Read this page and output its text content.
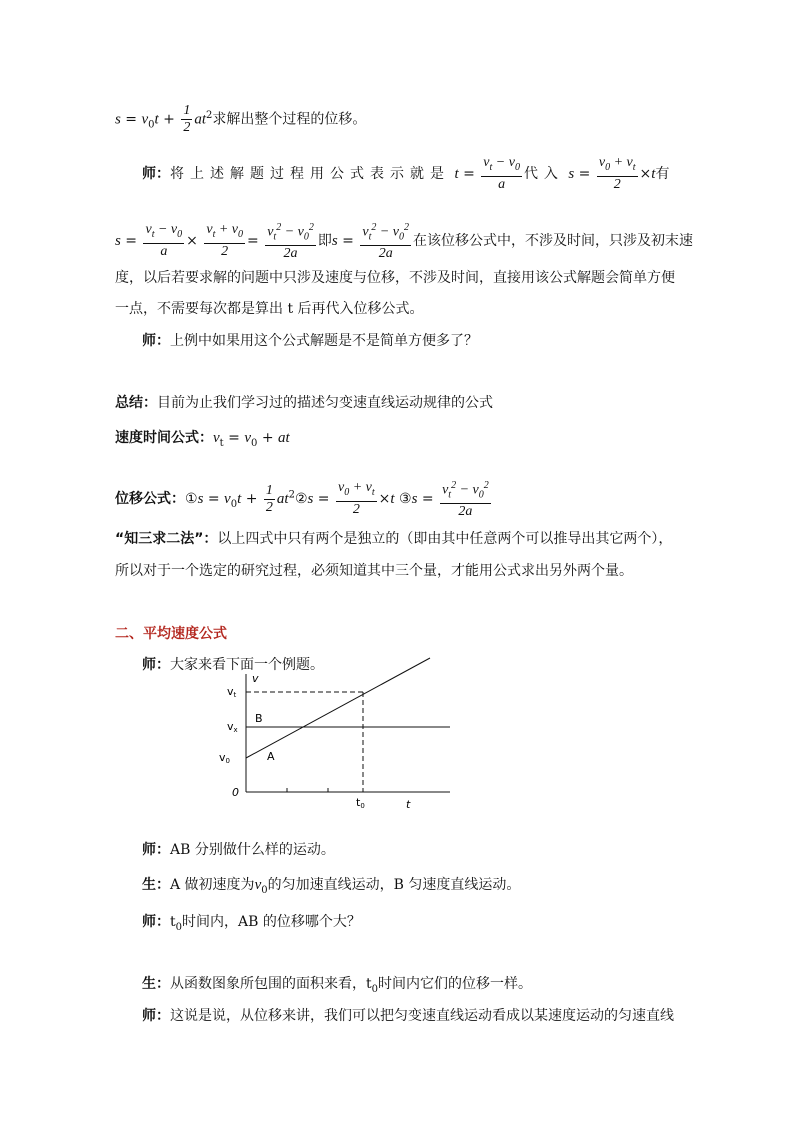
$s = v_0t + \frac{1}{2} at^2$求解出整个过程的位移。
师：将上述解题过程用公式表示就是 $t = \frac{v_t - v_0}{a}$ 代入 $s = \frac{v_0 + v_t}{2} \times t$有
$s = \frac{v_t - v_0}{a} \times \frac{v_t + v_0}{2} = \frac{v_t^2 - v_0^2}{2a}$ 即$s = \frac{v_t^2 - v_0^2}{2a}$ 在该位移公式中，不涉及时间，只涉及初末速
度，以后若要求解的问题中只涉及速度与位移，不涉及时间，直接用该公式解题会简单方便
一点，不需要每次都是算出 t 后再代入位移公式。
师：上例中如果用这个公式解题是不是简单方便多了？
总结：目前为止我们学习过的描述匀变速直线运动规律的公式
速度时间公式：$v_t = v_0$ + at
位移公式：①s = $v_0t + \frac{1}{2}$ $at^2②s = \frac{v_0 + v_t}{2} \times t$ ③s = $\frac{v_t^2 - v_0^2}{2a}$
“知三求二法”：以上四式中只有两个是独立的（即由其中任意两个可以推导出其它两个），
所以对于一个选定的研究过程，必须知道其中三个量，才能用公式求出另外两个量。
二、平均速度公式
师：大家来看下面一个例题。
v
t
0
vt
vx
v0
t0
B
A
师：AB 分别做什么样的运动。
生：A 做初速度为$v_0$的匀加速直线运动，B 匀速度直线运动。
师：$t_0$时间内，AB 的位移哪个大？
生：从函数图象所包围的面积来看，$t_0$时间内它们的位移一样。
师：这说是说，从位移来讲，我们可以把匀变速直线运动看成以某速度运动的匀速直线
